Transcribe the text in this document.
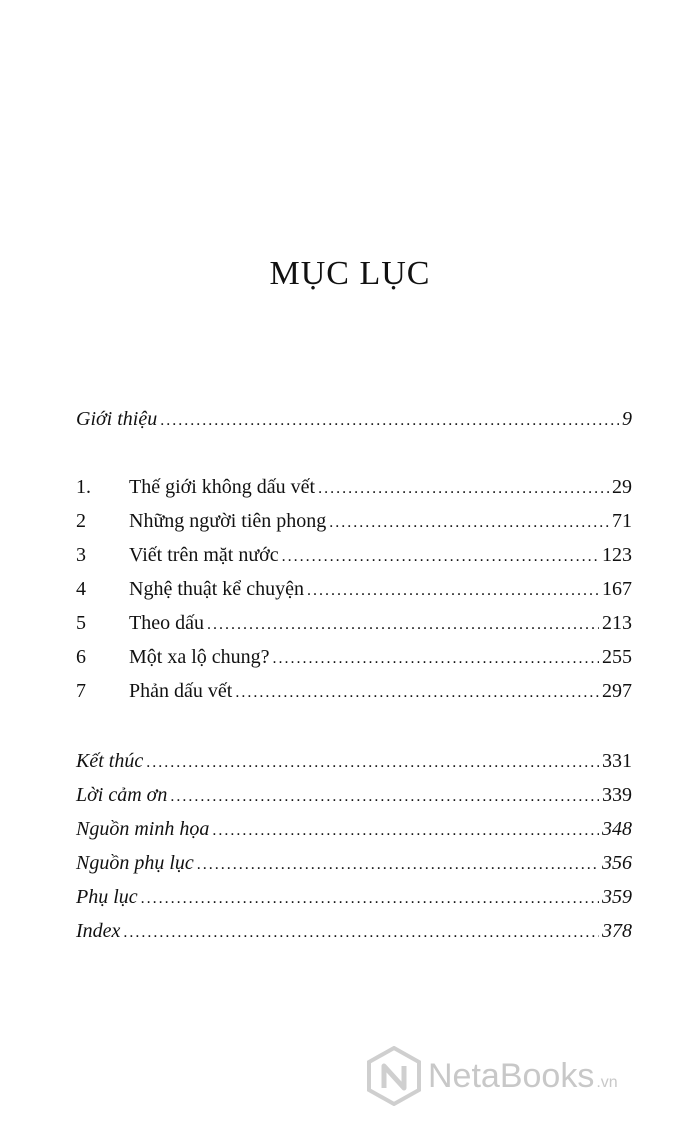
MỤC LỤC
Giới thiệu .....	9
1.	Thế giới không dấu vết .....	29
2	Những người tiên phong .....	71
3	Viết trên mặt nước .....	123
4	Nghệ thuật kể chuyện .....	167
5	Theo dấu .....	213
6	Một xa lộ chung? .....	255
7	Phản dấu vết .....	297
Kết thúc .....	331
Lời cảm ơn .....	339
Nguồn minh họa .....	348
Nguồn phụ lục .....	356
Phụ lục .....	359
Index .....	378
NetaBooks .vn
